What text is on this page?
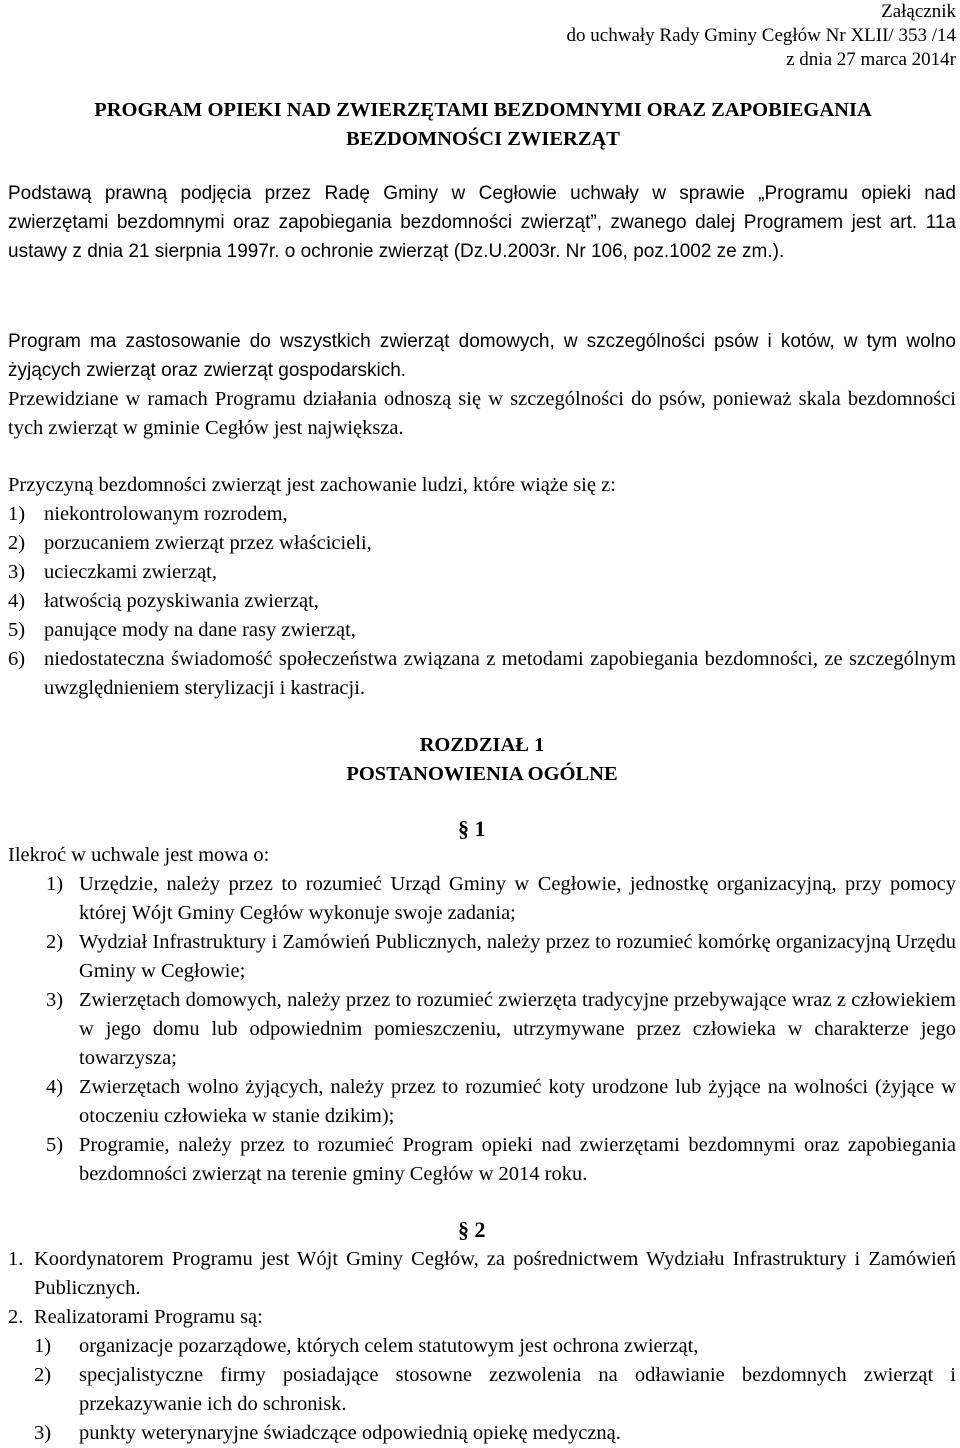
Załącznik
do uchwały Rady Gminy Cegłów Nr XLII/ 353 /14
z dnia 27 marca 2014r
PROGRAM OPIEKI NAD ZWIERZĘTAMI BEZDOMNYMI ORAZ ZAPOBIEGANIA
BEZDOMNOŚCI ZWIERZĄT
Podstawą prawną podjęcia przez Radę Gminy w Cegłowie uchwały w sprawie „Programu opieki nad zwierzętami bezdomnymi oraz zapobiegania bezdomności zwierząt”, zwanego dalej Programem jest art. 11a ustawy z dnia 21 sierpnia 1997r. o ochronie zwierząt (Dz.U.2003r. Nr 106, poz.1002 ze zm.).
Program ma zastosowanie do wszystkich zwierząt domowych, w szczególności psów i kotów, w tym wolno żyjących zwierząt oraz zwierząt gospodarskich.
Przewidziane w ramach Programu działania odnoszą się w szczególności do psów, ponieważ skala bezdomności tych zwierząt w gminie Cegłów jest największa.
Przyczyną bezdomności zwierząt jest zachowanie ludzi, które wiąże się z:
1) niekontrolowanym rozrodem,
2) porzucaniem zwierząt przez właścicieli,
3) ucieczkami zwierząt,
4) łatwością pozyskiwania zwierząt,
5) panujące mody na dane rasy zwierząt,
6) niedostateczna świadomość społeczeństwa związana z metodami zapobiegania bezdomności, ze szczególnym uwzględnieniem sterylizacji i kastracji.
ROZDZIAŁ 1
POSTANOWIENIA OGÓLNE
§ 1
Ilekroć w uchwale jest mowa o:
1) Urzędzie, należy przez to rozumieć Urząd Gminy w Cegłowie, jednostkę organizacyjną, przy pomocy której Wójt Gminy Cegłów wykonuje swoje zadania;
2) Wydział Infrastruktury i Zamówień Publicznych, należy przez to rozumieć komórkę organizacyjną Urzędu Gminy w Cegłowie;
3) Zwierzętach domowych, należy przez to rozumieć zwierzęta tradycyjne przebywające wraz z człowiekiem w jego domu lub odpowiednim pomieszczeniu, utrzymywane przez człowieka w charakterze jego towarzysza;
4) Zwierzętach wolno żyjących, należy przez to rozumieć koty urodzone lub żyjące na wolności (żyjące w otoczeniu człowieka w stanie dzikim);
5) Programie, należy przez to rozumieć Program opieki nad zwierzętami bezdomnymi oraz zapobiegania bezdomności zwierząt na terenie gminy Cegłów w 2014 roku.
§ 2
1. Koordynatorem Programu jest Wójt Gminy Cegłów, za pośrednictwem Wydziału Infrastruktury i Zamówień Publicznych.
2. Realizatorami Programu są:
1) organizacje pozarządowe, których celem statutowym jest ochrona zwierząt,
2) specjalistyczne firmy posiadające stosowne zezwolenia na odławianie bezdomnych zwierząt i przekazywanie ich do schronisk.
3) punkty weterynaryjne świadczące odpowiednią opiekę medyczną.
